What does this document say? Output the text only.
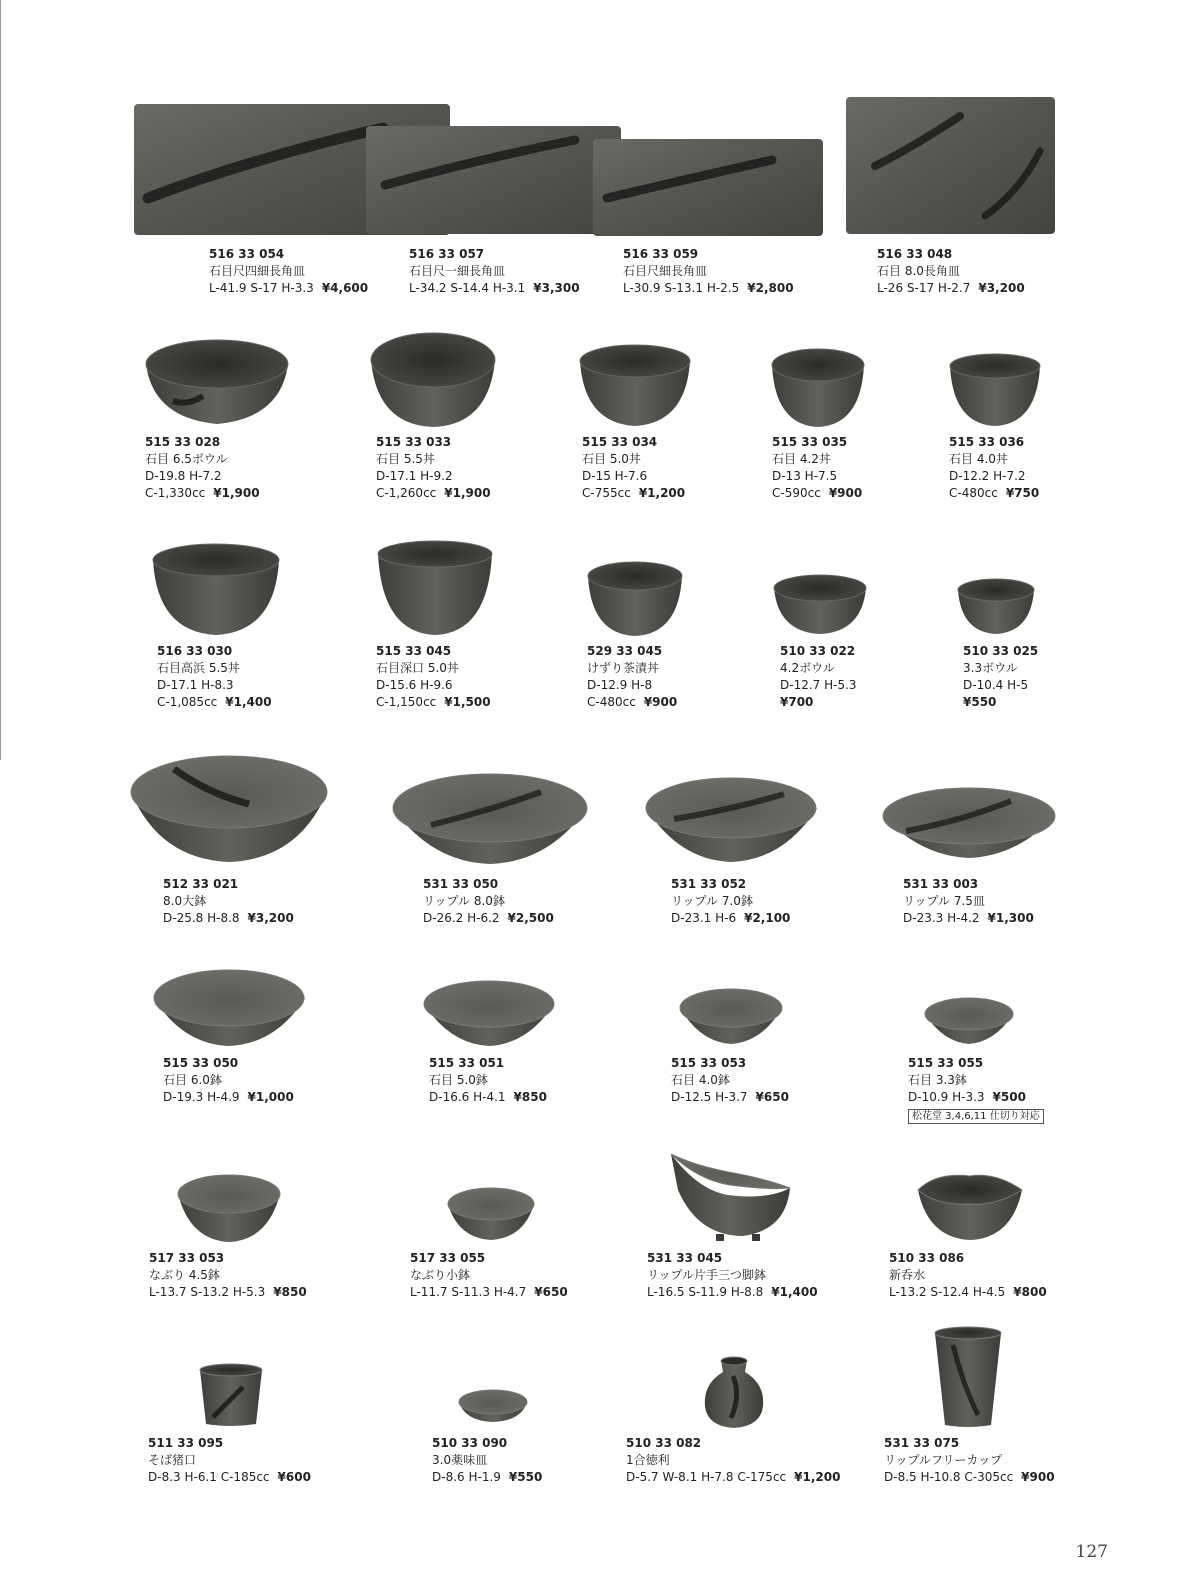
516 33 054
石目尺四細長角皿
L-41.9 S-17 H-3.3 ¥4,600
516 33 057
石目尺一細長角皿
L-34.2 S-14.4 H-3.1 ¥3,300
516 33 059
石目尺細長角皿
L-30.9 S-13.1 H-2.5 ¥2,800
516 33 048
石目 8.0長角皿
L-26 S-17 H-2.7 ¥3,200
515 33 028
石目 6.5ボウル
D-19.8 H-7.2
C-1,330cc ¥1,900
515 33 033
石目 5.5丼
D-17.1 H-9.2
C-1,260cc ¥1,900
515 33 034
石目 5.0丼
D-15 H-7.6
C-755cc ¥1,200
515 33 035
石目 4.2丼
D-13 H-7.5
C-590cc ¥900
515 33 036
石目 4.0丼
D-12.2 H-7.2
C-480cc ¥750
516 33 030
石目高浜 5.5丼
D-17.1 H-8.3
C-1,085cc ¥1,400
515 33 045
石目深口 5.0丼
D-15.6 H-9.6
C-1,150cc ¥1,500
529 33 045
けずり茶漬丼
D-12.9 H-8
C-480cc ¥900
510 33 022
4.2ボウル
D-12.7 H-5.3
¥700
510 33 025
3.3ボウル
D-10.4 H-5
¥550
512 33 021
8.0大鉢
D-25.8 H-8.8 ¥3,200
531 33 050
リップル 8.0鉢
D-26.2 H-6.2 ¥2,500
531 33 052
リップル 7.0鉢
D-23.1 H-6 ¥2,100
531 33 003
リップル 7.5皿
D-23.3 H-4.2 ¥1,300
515 33 050
石目 6.0鉢
D-19.3 H-4.9 ¥1,000
515 33 051
石目 5.0鉢
D-16.6 H-4.1 ¥850
515 33 053
石目 4.0鉢
D-12.5 H-3.7 ¥650
515 33 055
石目 3.3鉢
D-10.9 H-3.3 ¥500
松花堂 3,4,6,11 仕切り対応
517 33 053
なぶり 4.5鉢
L-13.7 S-13.2 H-5.3 ¥850
517 33 055
なぶり小鉢
L-11.7 S-11.3 H-4.7 ¥650
531 33 045
リップル片手三つ脚鉢
L-16.5 S-11.9 H-8.8 ¥1,400
510 33 086
新呑水
L-13.2 S-12.4 H-4.5 ¥800
511 33 095
そば猪口
D-8.3 H-6.1 C-185cc ¥600
510 33 090
3.0薬味皿
D-8.6 H-1.9 ¥550
510 33 082
1合徳利
D-5.7 W-8.1 H-7.8 C-175cc ¥1,200
531 33 075
リップルフリーカップ
D-8.5 H-10.8 C-305cc ¥900
127
